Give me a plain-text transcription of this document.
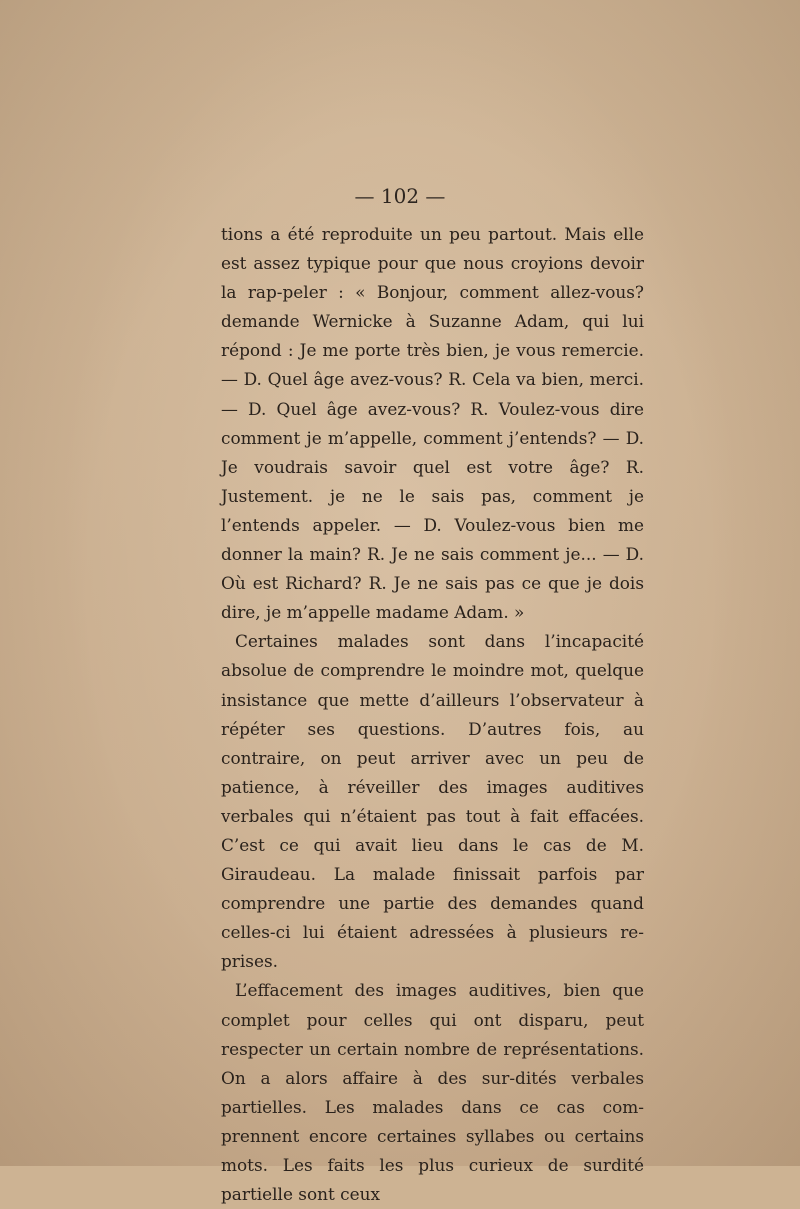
— 102 —

tions a été reproduite un peu partout. Mais elle est assez typique pour que nous croyions devoir la rap-peler : « Bonjour, comment allez-vous? demande Wernicke à Suzanne Adam, qui lui répond : Je me porte très bien, je vous remercie. — D. Quel âge avez-vous? R. Cela va bien, merci. — D. Quel âge avez-vous? R. Voulez-vous dire comment je m’appelle, comment j’entends? — D. Je voudrais savoir quel est votre âge? R. Justement. je ne le sais pas, comment je l’entends appeler. — D. Voulez-vous bien me donner la main? R. Je ne sais comment je... — D. Où est Richard? R. Je ne sais pas ce que je dois dire, je m’appelle madame Adam. »

Certaines malades sont dans l’incapacité absolue de comprendre le moindre mot, quelque insistance que mette d’ailleurs l’observateur à répéter ses questions. D’autres fois, au contraire, on peut arriver avec un peu de patience, à réveiller des images auditives verbales qui n’étaient pas tout à fait effacées. C’est ce qui avait lieu dans le cas de M. Giraudeau. La malade finissait parfois par comprendre une partie des demandes quand celles-ci lui étaient adressées à plusieurs re-prises.

L’effacement des images auditives, bien que complet pour celles qui ont disparu, peut respecter un certain nombre de représentations. On a alors affaire à des sur-dités verbales partielles. Les malades dans ce cas com-prennent encore certaines syllabes ou certains mots. Les faits les plus curieux de surdité partielle sont ceux
